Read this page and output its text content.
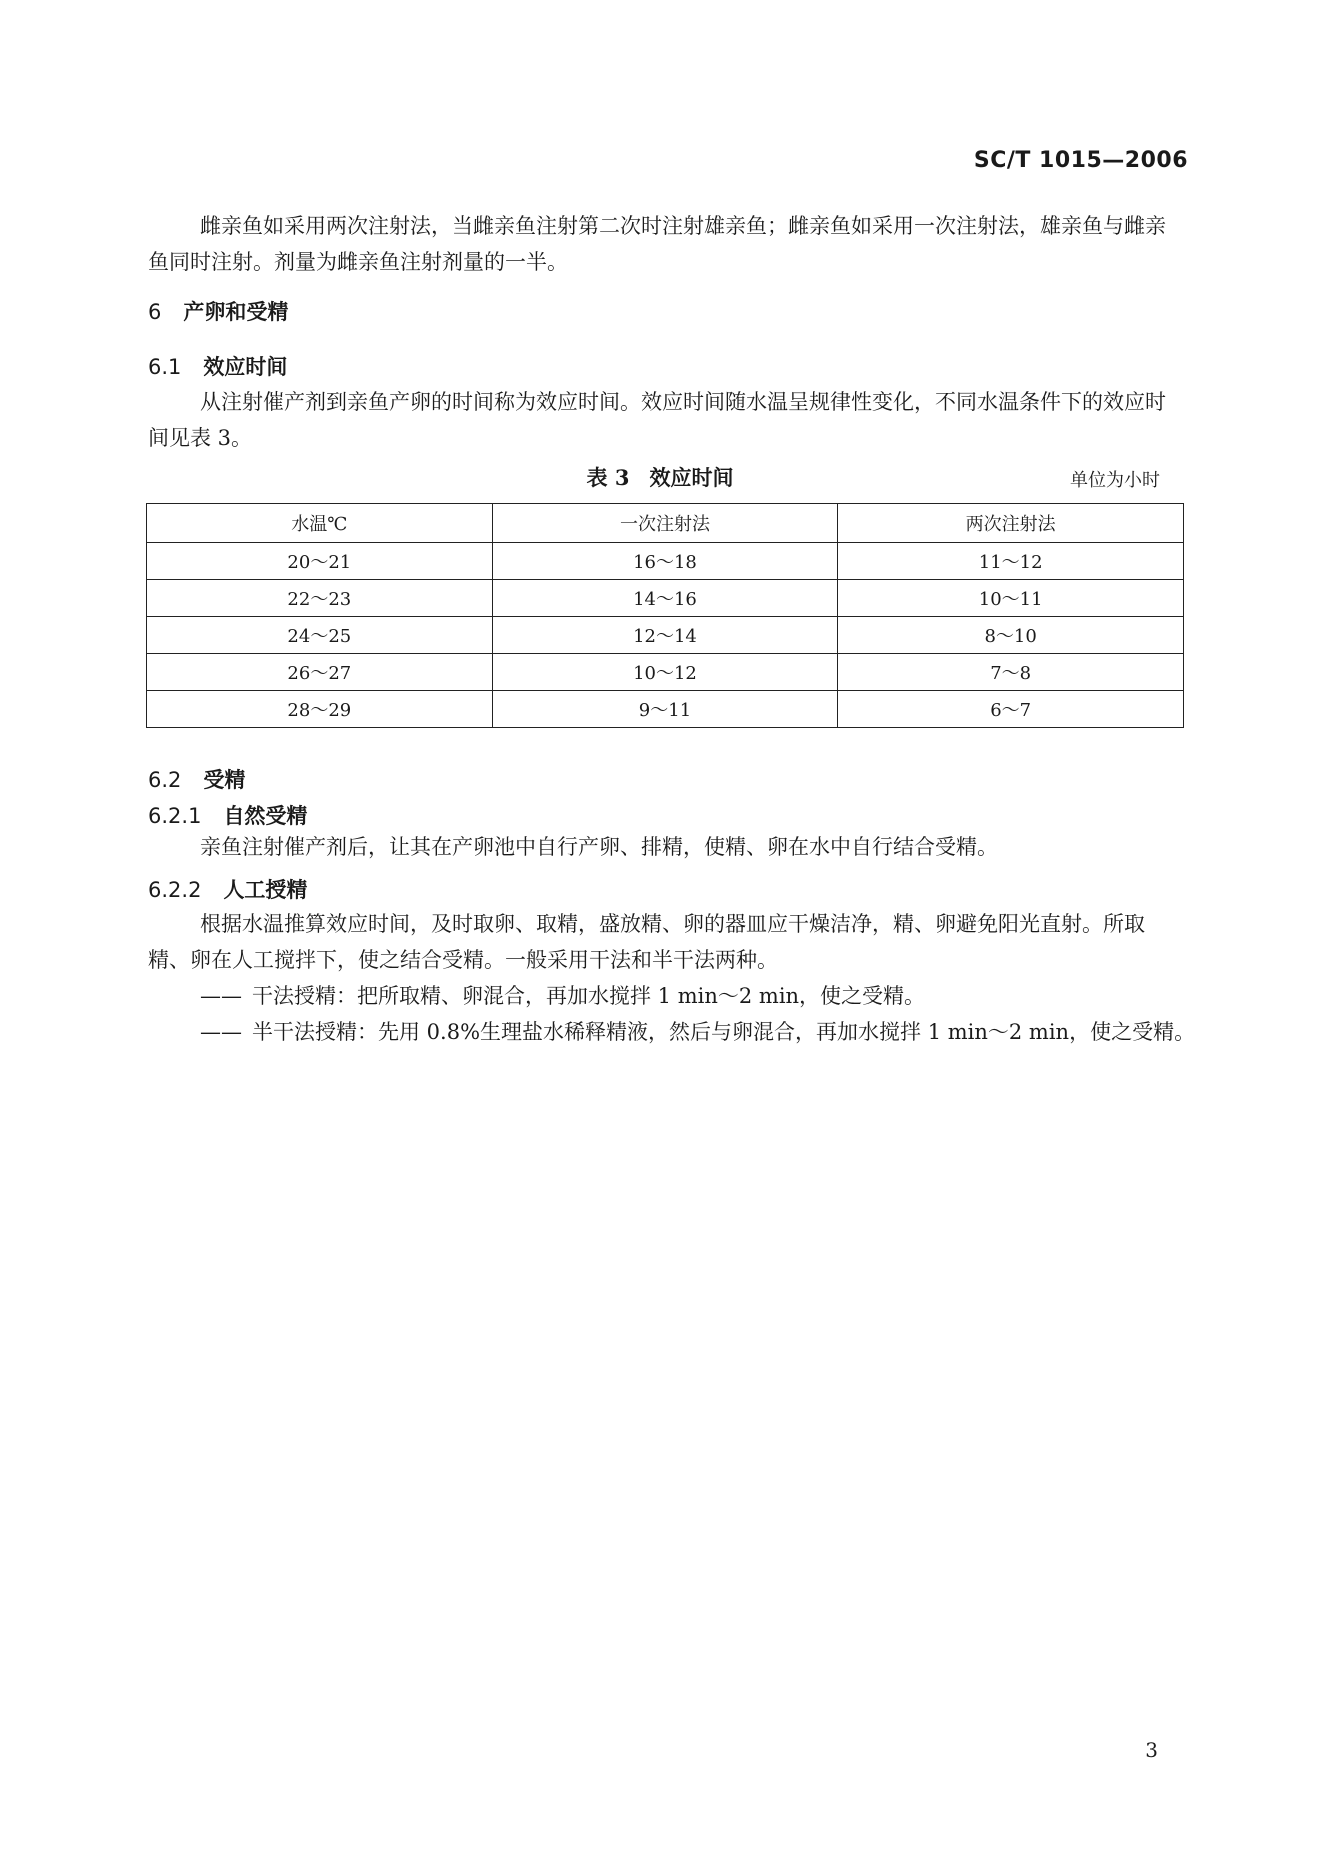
SC/T 1015—2006

雌亲鱼如采用两次注射法，当雌亲鱼注射第二次时注射雄亲鱼；雌亲鱼如采用一次注射法，雄亲鱼与雌亲鱼同时注射。剂量为雌亲鱼注射剂量的一半。

6 产卵和受精
6.1 效应时间

从注射催产剂到亲鱼产卵的时间称为效应时间。效应时间随水温呈规律性变化，不同水温条件下的效应时间见表 3。

表 3 效应时间	单位为小时
水温℃	一次注射法	两次注射法
20～21	16～18	11～12
22～23	14～16	10～11
24～25	12～14	8～10
26～27	10～12	7～8
28～29	9～11	6～7
6.2 受精
6.2.1 自然受精

亲鱼注射催产剂后，让其在产卵池中自行产卵、排精，使精、卵在水中自行结合受精。

6.2.2 人工授精

根据水温推算效应时间，及时取卵、取精，盛放精、卵的器皿应干燥洁净，精、卵避免阳光直射。所取精、卵在人工搅拌下，使之结合受精。一般采用干法和半干法两种。

—— 干法授精：把所取精、卵混合，再加水搅拌 1 min～2 min，使之受精。

—— 半干法授精：先用 0.8%生理盐水稀释精液，然后与卵混合，再加水搅拌 1 min～2 min，使之受精。

3
